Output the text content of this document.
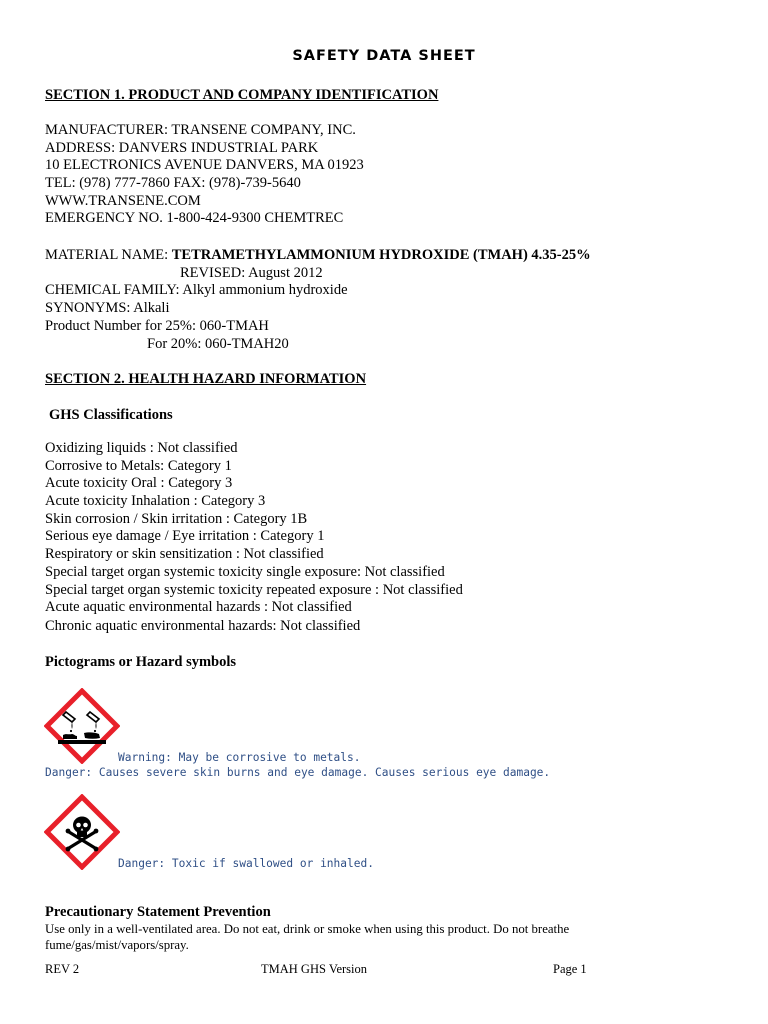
SAFETY DATA SHEET
SECTION 1. PRODUCT AND COMPANY IDENTIFICATION
MANUFACTURER: TRANSENE COMPANY, INC.
ADDRESS: DANVERS INDUSTRIAL PARK
10 ELECTRONICS AVENUE DANVERS, MA 01923
TEL: (978) 777-7860 FAX: (978)-739-5640
WWW.TRANSENE.COM
EMERGENCY NO. 1-800-424-9300 CHEMTREC
MATERIAL NAME: TETRAMETHYLAMMONIUM HYDROXIDE (TMAH) 4.35-25%
REVISED: August 2012
CHEMICAL FAMILY: Alkyl ammonium hydroxide
SYNONYMS: Alkali
Product Number for 25%: 060-TMAH
For 20%: 060-TMAH20
SECTION 2. HEALTH HAZARD INFORMATION
GHS Classifications
Oxidizing liquids : Not classified
Corrosive to Metals: Category 1
Acute toxicity Oral : Category 3
Acute toxicity Inhalation : Category 3
Skin corrosion / Skin irritation : Category 1B
Serious eye damage / Eye irritation : Category 1
Respiratory or skin sensitization : Not classified
Special target organ systemic toxicity single exposure: Not classified
Special target organ systemic toxicity repeated exposure : Not classified
Acute aquatic environmental hazards : Not classified
Chronic aquatic environmental hazards: Not classified
Pictograms or Hazard symbols
Warning: May be corrosive to metals.
Danger: Causes severe skin burns and eye damage. Causes serious eye damage.
Danger: Toxic if swallowed or inhaled.
Precautionary Statement Prevention
Use only in a well-ventilated area. Do not eat, drink or smoke when using this product. Do not breathe
fume/gas/mist/vapors/spray.
REV 2	TMAH GHS Version	Page 1
